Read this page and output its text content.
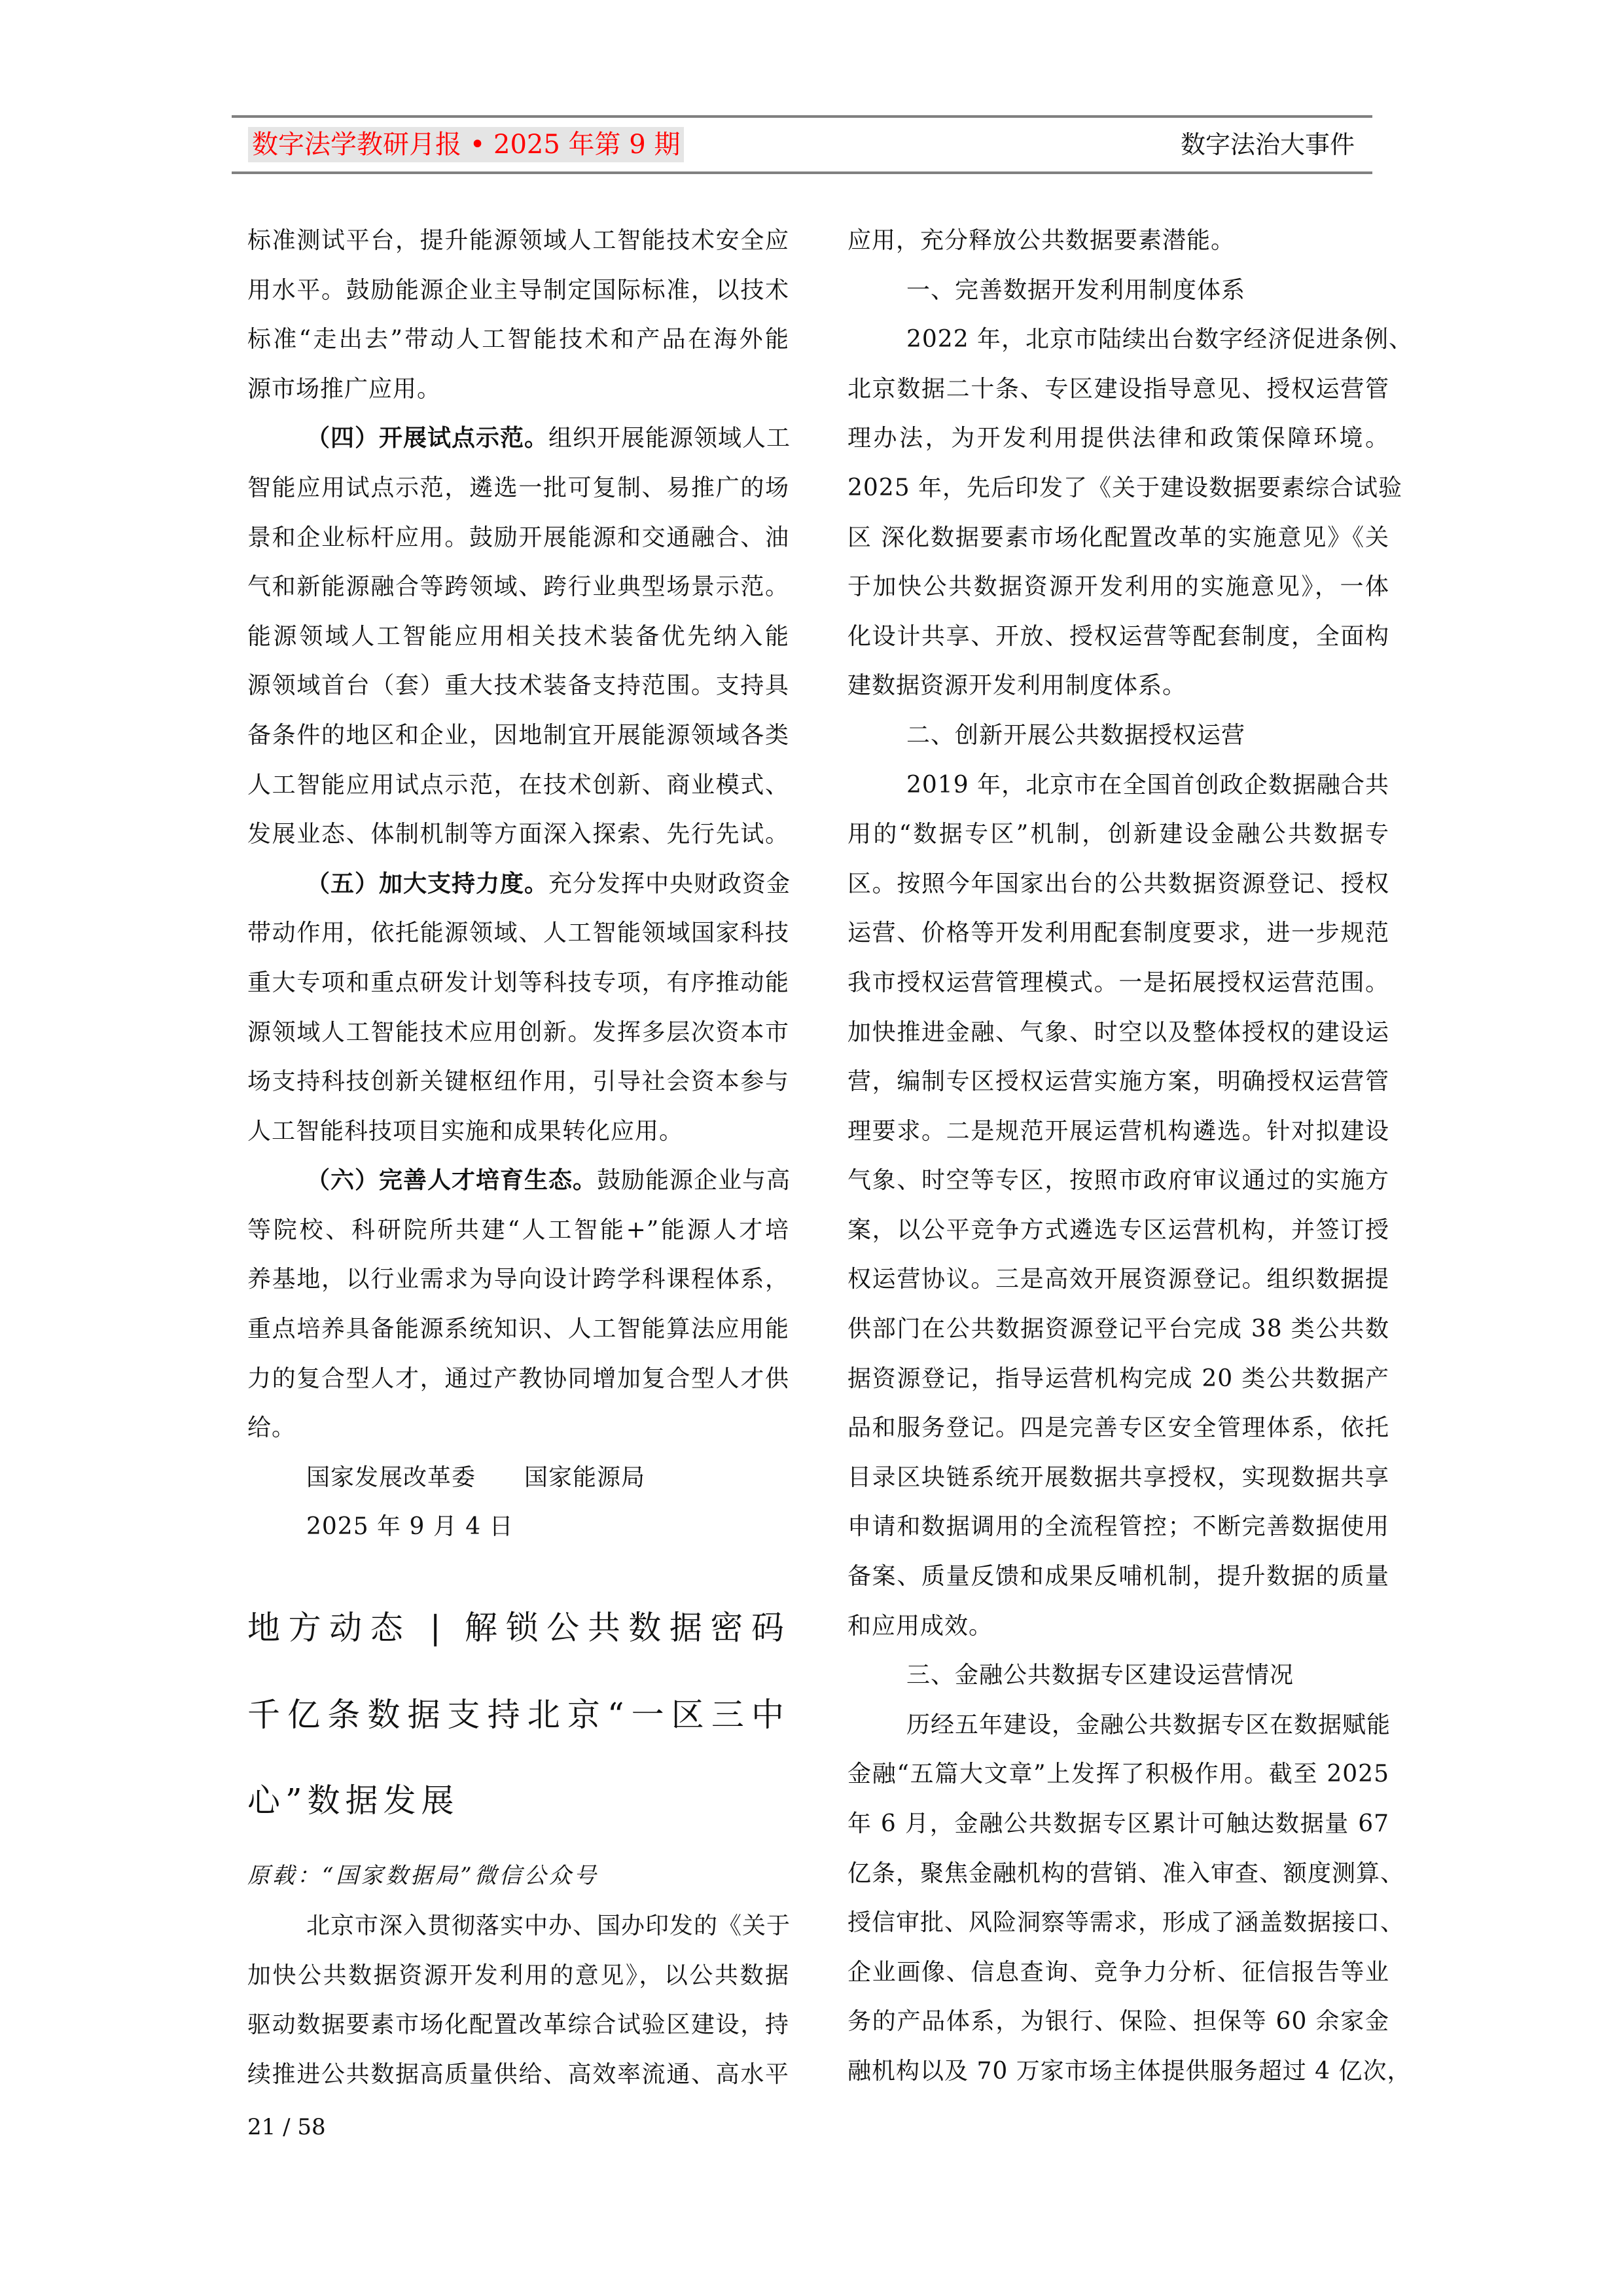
数字法学教研月报 • 2025 年第 9 期	数字法治大事件
标准测试平台，提升能源领域人工智能技术安全应
用水平。鼓励能源企业主导制定国际标准，以技术
标准“走出去”带动人工智能技术和产品在海外能
源市场推广应用。
（四）开展试点示范。组织开展能源领域人工
智能应用试点示范，遴选一批可复制、易推广的场
景和企业标杆应用。鼓励开展能源和交通融合、油
气和新能源融合等跨领域、跨行业典型场景示范。
能源领域人工智能应用相关技术装备优先纳入能
源领域首台（套）重大技术装备支持范围。支持具
备条件的地区和企业，因地制宜开展能源领域各类
人工智能应用试点示范，在技术创新、商业模式、
发展业态、体制机制等方面深入探索、先行先试。
（五）加大支持力度。充分发挥中央财政资金
带动作用，依托能源领域、人工智能领域国家科技
重大专项和重点研发计划等科技专项，有序推动能
源领域人工智能技术应用创新。发挥多层次资本市
场支持科技创新关键枢纽作用，引导社会资本参与
人工智能科技项目实施和成果转化应用。
（六）完善人才培育生态。鼓励能源企业与高
等院校、科研院所共建“人工智能+”能源人才培
养基地，以行业需求为导向设计跨学科课程体系，
重点培养具备能源系统知识、人工智能算法应用能
力的复合型人才，通过产教协同增加复合型人才供
给。
国家发展改革委　　国家能源局
2025 年 9 月 4 日
地方动态 | 解锁公共数据密码
千亿条数据支持北京“一区三中
心”数据发展
原载：“国家数据局”微信公众号
北京市深入贯彻落实中办、国办印发的《关于
加快公共数据资源开发利用的意见》，以公共数据
驱动数据要素市场化配置改革综合试验区建设，持
续推进公共数据高质量供给、高效率流通、高水平
应用，充分释放公共数据要素潜能。
一、完善数据开发利用制度体系
2022 年，北京市陆续出台数字经济促进条例、
北京数据二十条、专区建设指导意见、授权运营管
理办法，为开发利用提供法律和政策保障环境。
2025 年，先后印发了《关于建设数据要素综合试验
区 深化数据要素市场化配置改革的实施意见》《关
于加快公共数据资源开发利用的实施意见》，一体
化设计共享、开放、授权运营等配套制度，全面构
建数据资源开发利用制度体系。
二、创新开展公共数据授权运营
2019 年，北京市在全国首创政企数据融合共
用的“数据专区”机制，创新建设金融公共数据专
区。按照今年国家出台的公共数据资源登记、授权
运营、价格等开发利用配套制度要求，进一步规范
我市授权运营管理模式。一是拓展授权运营范围。
加快推进金融、气象、时空以及整体授权的建设运
营，编制专区授权运营实施方案，明确授权运营管
理要求。二是规范开展运营机构遴选。针对拟建设
气象、时空等专区，按照市政府审议通过的实施方
案，以公平竞争方式遴选专区运营机构，并签订授
权运营协议。三是高效开展资源登记。组织数据提
供部门在公共数据资源登记平台完成 38 类公共数
据资源登记，指导运营机构完成 20 类公共数据产
品和服务登记。四是完善专区安全管理体系，依托
目录区块链系统开展数据共享授权，实现数据共享
申请和数据调用的全流程管控；不断完善数据使用
备案、质量反馈和成果反哺机制，提升数据的质量
和应用成效。
三、金融公共数据专区建设运营情况
历经五年建设，金融公共数据专区在数据赋能
金融“五篇大文章”上发挥了积极作用。截至 2025
年 6 月，金融公共数据专区累计可触达数据量 67
亿条，聚焦金融机构的营销、准入审查、额度测算、
授信审批、风险洞察等需求，形成了涵盖数据接口、
企业画像、信息查询、竞争力分析、征信报告等业
务的产品体系，为银行、保险、担保等 60 余家金
融机构以及 70 万家市场主体提供服务超过 4 亿次，
21 / 58
